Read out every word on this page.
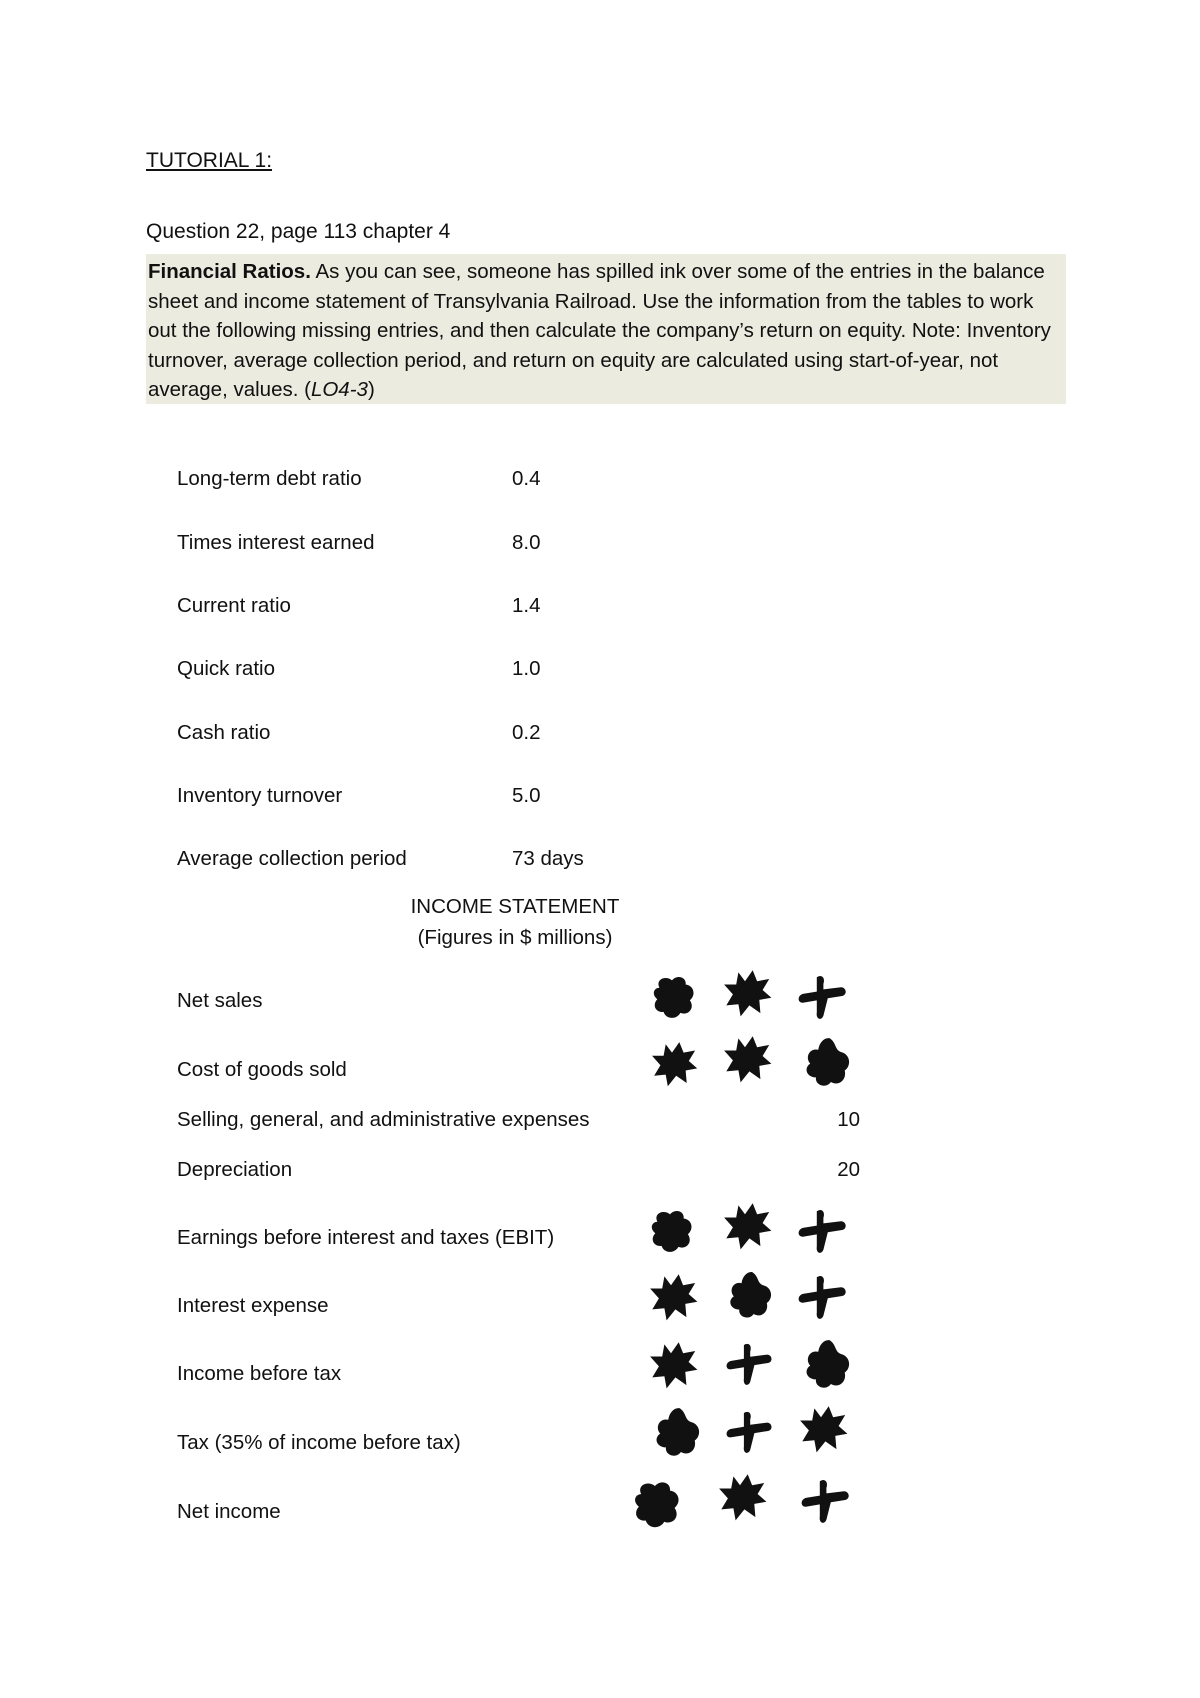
TUTORIAL 1:
Question 22, page 113 chapter 4
Financial Ratios. As you can see, someone has spilled ink over some of the entries in the balance sheet and income statement of Transylvania Railroad. Use the information from the tables to work out the following missing entries, and then calculate the company’s return on equity. Note: Inventory turnover, average collection period, and return on equity are calculated using start-of-year, not average, values. (LO4-3)
Long-term debt ratio	0.4
Times interest earned	8.0
Current ratio	1.4
Quick ratio	1.0
Cash ratio	0.2
Inventory turnover	5.0
Average collection period	73 days
INCOME STATEMENT
(Figures in $ millions)
Net sales
Cost of goods sold
Selling, general, and administrative expenses	10
Depreciation	20
Earnings before interest and taxes (EBIT)
Interest expense
Income before tax
Tax (35% of income before tax)
Net income
